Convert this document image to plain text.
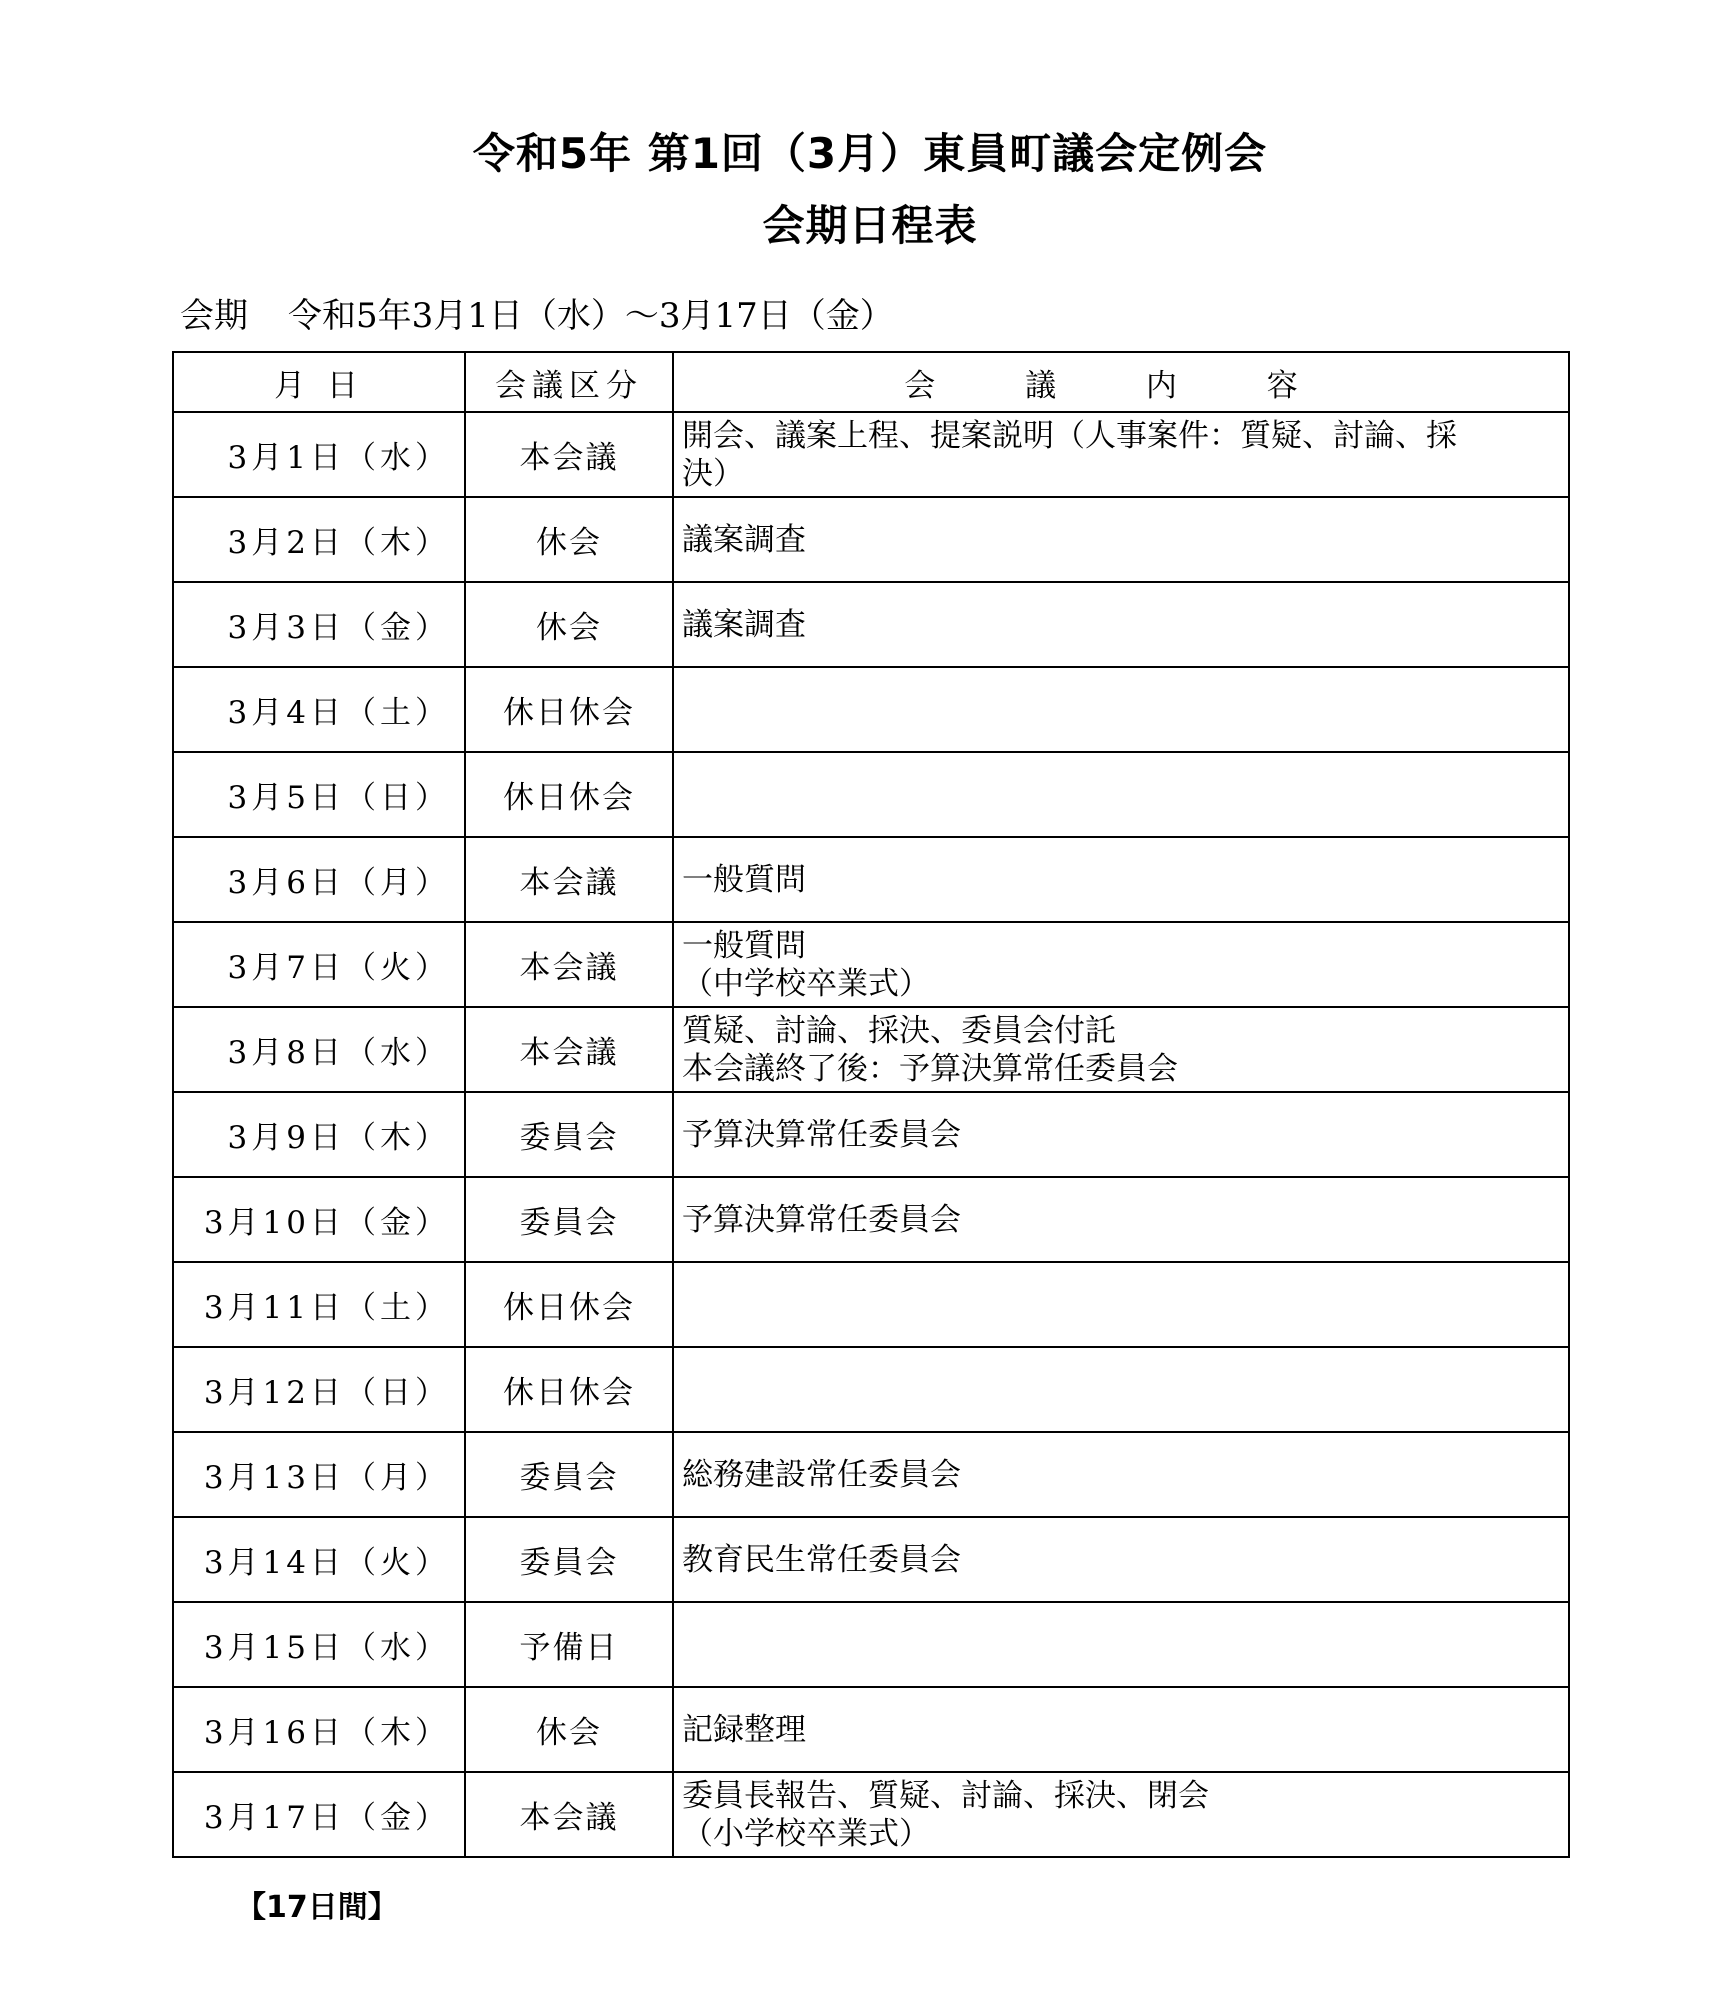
令和5年 第1回（3月）東員町議会定例会
会期日程表
会期 令和5年3月1日（水）～3月17日（金）
月 日	会議区分	会 議 内 容
3月1日（水）	本会議	開会、議案上程、提案説明（人事案件：質疑、討論、採
決）

3月2日（木）	休会	議案調査

3月3日（金）	休会	議案調査

3月4日（土）	休日休会	
3月5日（日）	休日休会	
3月6日（月）	本会議	一般質問

3月7日（火）	本会議	一般質問
（中学校卒業式）

3月8日（水）	本会議	質疑、討論、採決、委員会付託
本会議終了後：予算決算常任委員会

3月9日（木）	委員会	予算決算常任委員会

3月10日（金）	委員会	予算決算常任委員会

3月11日（土）	休日休会	
3月12日（日）	休日休会	
3月13日（月）	委員会	総務建設常任委員会

3月14日（火）	委員会	教育民生常任委員会

3月15日（水）	予備日	
3月16日（木）	休会	記録整理

3月17日（金）	本会議	委員長報告、質疑、討論、採決、閉会
（小学校卒業式）
【17日間】
